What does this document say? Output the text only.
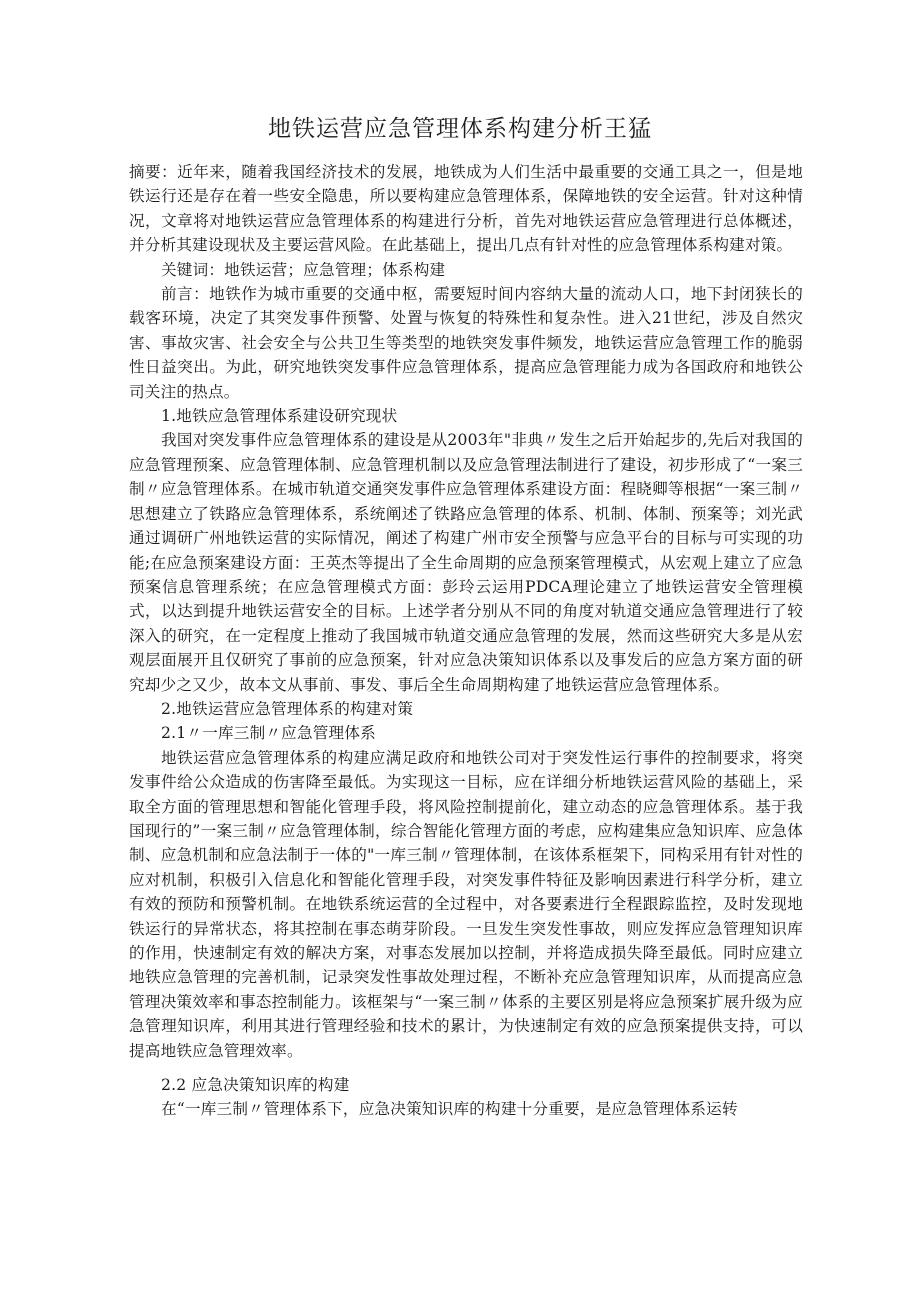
地铁运营应急管理体系构建分析王猛

摘要：近年来，随着我国经济技术的发展，地铁成为人们生活中最重要的交通工具之一，但是地铁运行还是存在着一些安全隐患，所以要构建应急管理体系，保障地铁的安全运营。针对这种情况，文章将对地铁运营应急管理体系的构建进行分析，首先对地铁运营应急管理进行总体概述，并分析其建设现状及主要运营风险。在此基础上，提出几点有针对性的应急管理体系构建对策。

关键词：地铁运营；应急管理；体系构建

前言：地铁作为城市重要的交通中枢，需要短时间内容纳大量的流动人口，地下封闭狭长的载客环境，决定了其突发事件预警、处置与恢复的特殊性和复杂性。进入21世纪，涉及自然灾害、事故灾害、社会安全与公共卫生等类型的地铁突发事件频发，地铁运营应急管理工作的脆弱性日益突出。为此，研究地铁突发事件应急管理体系，提高应急管理能力成为各国政府和地铁公司关注的热点。

1.地铁应急管理体系建设研究现状

我国对突发事件应急管理体系的建设是从2003年"非典〃发生之后开始起步的,先后对我国的应急管理预案、应急管理体制、应急管理机制以及应急管理法制进行了建设，初步形成了“一案三制〃应急管理体系。在城市轨道交通突发事件应急管理体系建设方面：程晓卿等根据“一案三制〃思想建立了铁路应急管理体系，系统阐述了铁路应急管理的体系、机制、体制、预案等；刘光武通过调研广州地铁运营的实际情况，阐述了构建广州市安全预警与应急平台的目标与可实现的功能;在应急预案建设方面：王英杰等提出了全生命周期的应急预案管理模式，从宏观上建立了应急预案信息管理系统；在应急管理模式方面：彭玲云运用PDCA理论建立了地铁运营安全管理模式，以达到提升地铁运营安全的目标。上述学者分别从不同的角度对轨道交通应急管理进行了较深入的研究，在一定程度上推动了我国城市轨道交通应急管理的发展，然而这些研究大多是从宏观层面展开且仅研究了事前的应急预案，针对应急决策知识体系以及事发后的应急方案方面的研究却少之又少，故本文从事前、事发、事后全生命周期构建了地铁运营应急管理体系。

2.地铁运营应急管理体系的构建对策

2.1〃一库三制〃应急管理体系

地铁运营应急管理体系的构建应满足政府和地铁公司对于突发性运行事件的控制要求，将突发事件给公众造成的伤害降至最低。为实现这一目标，应在详细分析地铁运营风险的基础上，采取全方面的管理思想和智能化管理手段，将风险控制提前化，建立动态的应急管理体系。基于我国现行的”一案三制〃应急管理体制，综合智能化管理方面的考虑，应构建集应急知识库、应急体制、应急机制和应急法制于一体的"一库三制〃管理体制，在该体系框架下，同构采用有针对性的应对机制，积极引入信息化和智能化管理手段，对突发事件特征及影响因素进行科学分析，建立有效的预防和预警机制。在地铁系统运营的全过程中，对各要素进行全程跟踪监控，及时发现地铁运行的异常状态，将其控制在事态萌芽阶段。一旦发生突发性事故，则应发挥应急管理知识库的作用，快速制定有效的解决方案，对事态发展加以控制，并将造成损失降至最低。同时应建立地铁应急管理的完善机制，记录突发性事故处理过程，不断补充应急管理知识库，从而提高应急管理决策效率和事态控制能力。该框架与“一案三制〃体系的主要区别是将应急预案扩展升级为应急管理知识库，利用其进行管理经验和技术的累计，为快速制定有效的应急预案提供支持，可以提高地铁应急管理效率。

2.2 应急决策知识库的构建

在“一库三制〃管理体系下，应急决策知识库的构建十分重要，是应急管理体系运转
